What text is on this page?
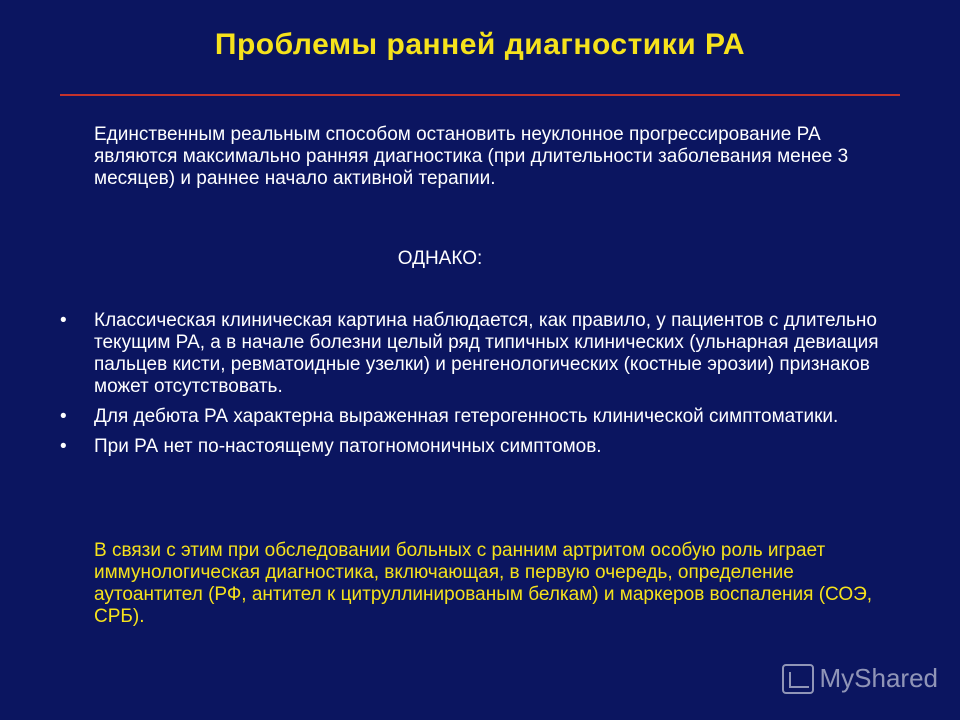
Проблемы ранней диагностики РА
Единственным реальным способом остановить неуклонное прогрессирование РА являются максимально ранняя диагностика (при длительности заболевания менее 3 месяцев) и раннее начало активной терапии.
ОДНАКО:
• Классическая клиническая картина наблюдается, как правило, у пациентов с длительно текущим РА, а в начале болезни целый ряд типичных клинических (ульнарная девиация пальцев кисти, ревматоидные узелки) и ренгенологических (костные эрозии) признаков может отсутствовать.
• Для дебюта РА характерна выраженная гетерогенность клинической симптоматики.
• При РА нет по-настоящему патогномоничных симптомов.
В связи с этим при обследовании больных с ранним артритом особую роль играет иммунологическая диагностика, включающая, в первую очередь, определение аутоантител (РФ, антител к цитруллинированым белкам) и маркеров воспаления (СОЭ, СРБ).
MyShared
